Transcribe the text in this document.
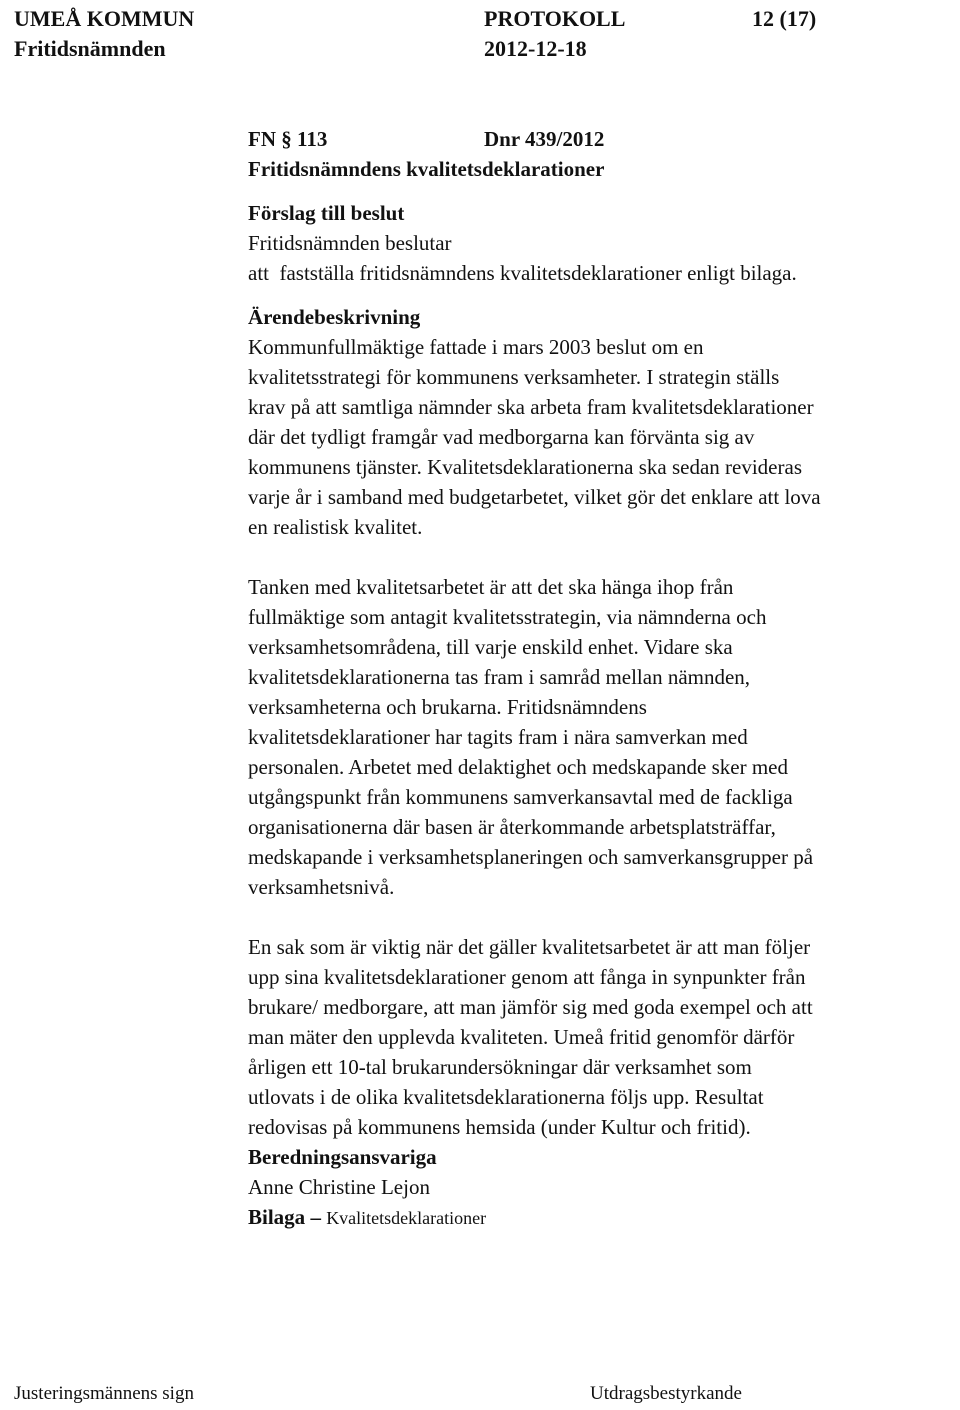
UMEÅ KOMMUN	PROTOKOLL	12 (17)
Fritidsnämnden	2012-12-18

FN § 113	Dnr 439/2012

Fritidsnämndens kvalitetsdeklarationer

Förslag till beslut

Fritidsnämnden beslutar

att  fastställa fritidsnämndens kvalitetsdeklarationer enligt bilaga.

Ärendebeskrivning

Kommunfullmäktige fattade i mars 2003 beslut om en
kvalitetsstrategi för kommunens verksamheter. I strategin ställs
krav på att samtliga nämnder ska arbeta fram kvalitetsdeklarationer
där det tydligt framgår vad medborgarna kan förvänta sig av
kommunens tjänster. Kvalitetsdeklarationerna ska sedan revideras
varje år i samband med budgetarbetet, vilket gör det enklare att lova
en realistisk kvalitet.

Tanken med kvalitetsarbetet är att det ska hänga ihop från
fullmäktige som antagit kvalitetsstrategin, via nämnderna och
verksamhetsområdena, till varje enskild enhet. Vidare ska
kvalitetsdeklarationerna tas fram i samråd mellan nämnden,
verksamheterna och brukarna. Fritidsnämndens
kvalitetsdeklarationer har tagits fram i nära samverkan med
personalen. Arbetet med delaktighet och medskapande sker med
utgångspunkt från kommunens samverkansavtal med de fackliga
organisationerna där basen är återkommande arbetsplatsträffar,
medskapande i verksamhetsplaneringen och samverkansgrupper på
verksamhetsnivå.

En sak som är viktig när det gäller kvalitetsarbetet är att man följer
upp sina kvalitetsdeklarationer genom att fånga in synpunkter från
brukare/ medborgare, att man jämför sig med goda exempel och att
man mäter den upplevda kvaliteten. Umeå fritid genomför därför
årligen ett 10-tal brukarundersökningar där verksamhet som
utlovats i de olika kvalitetsdeklarationerna följs upp. Resultat
redovisas på kommunens hemsida (under Kultur och fritid).

Beredningsansvariga

Anne Christine Lejon

Bilaga – Kvalitetsdeklarationer

Justeringsmännens sign	Utdragsbestyrkande
